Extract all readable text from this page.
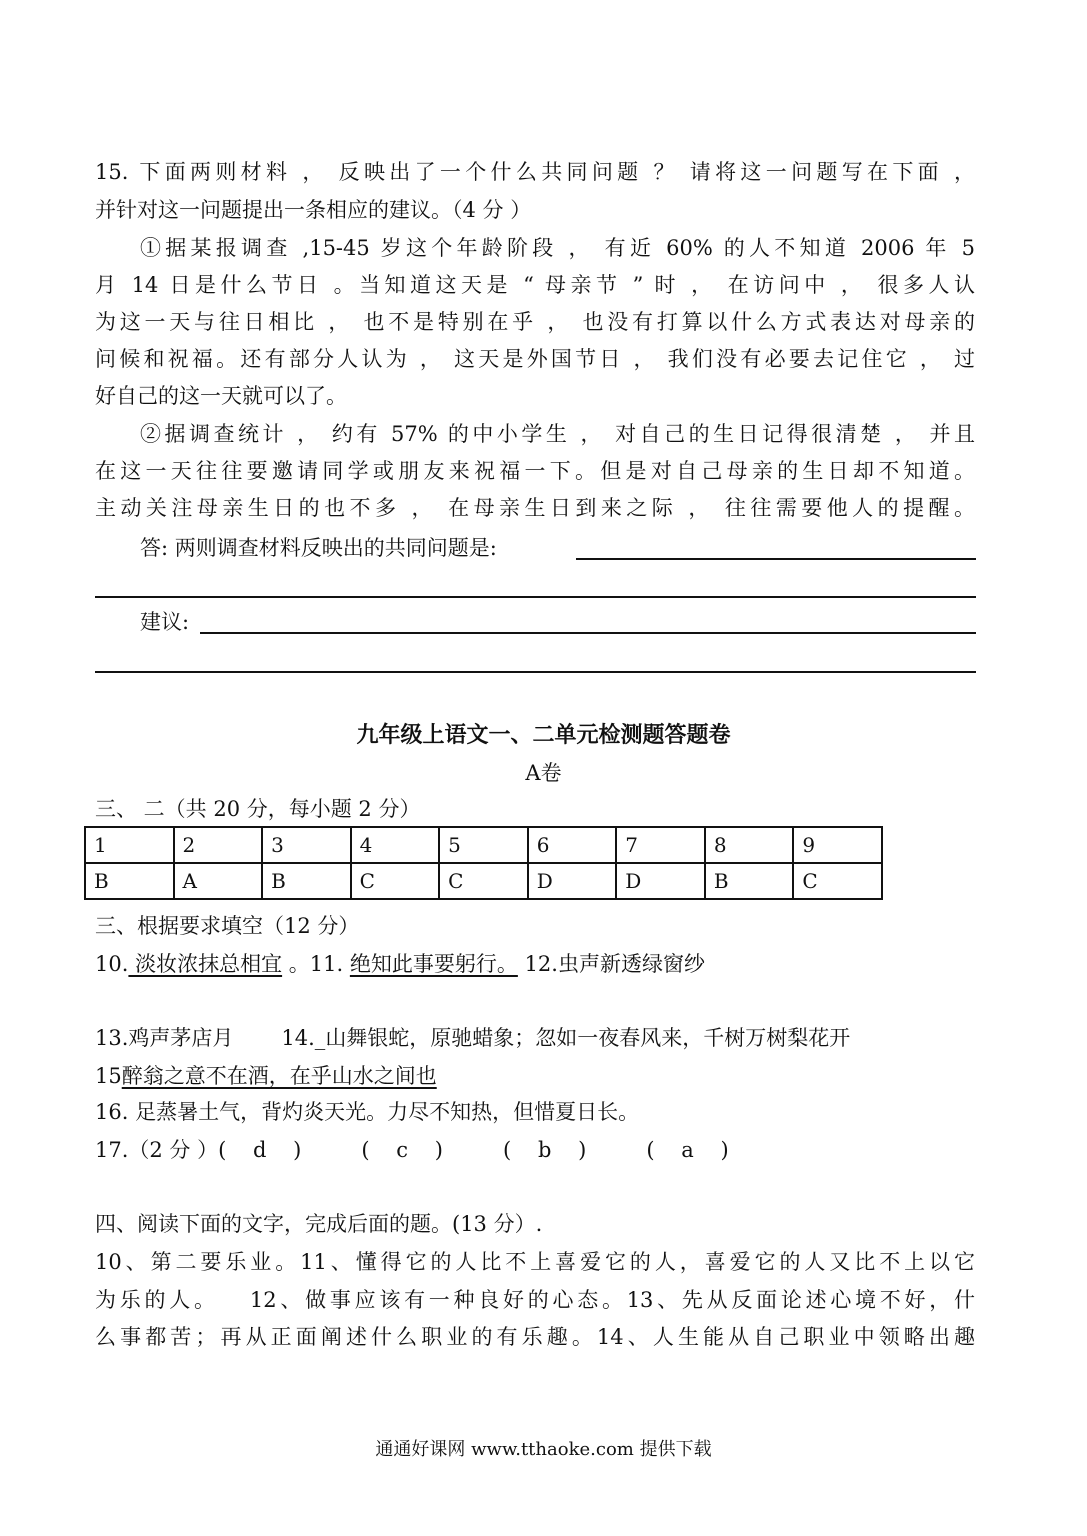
15. 下面两则材料 ， 反映出了一个什么共同问题 ？ 请将这一问题写在下面 ，
并针对这一问题提出一条相应的建议。（4 分 ）
①据某报调查 ,15-45 岁这个年龄阶段 ， 有近 60% 的人不知道 2006 年 5
月 14 日是什么节日 。当知道这天是 “ 母亲节 ” 时 ， 在访问中 ， 很多人认
为这一天与往日相比 ， 也不是特别在乎 ， 也没有打算以什么方式表达对母亲的
问候和祝福。还有部分人认为 ， 这天是外国节日 ， 我们没有必要去记住它 ， 过
好自己的这一天就可以了。
②据调查统计 ， 约有 57% 的中小学生 ， 对自己的生日记得很清楚 ， 并且
在这一天往往要邀请同学或朋友来祝福一下。但是对自己母亲的生日却不知道。
主动关注母亲生日的也不多 ， 在母亲生日到来之际 ， 往往需要他人的提醒。
答: 两则调查材料反映出的共同问题是:
建议:
九年级上语文一、二单元检测题答题卷
A卷
三、 二（共 20 分，每小题 2 分）
1	2	3	4	5	6	7	8	9
B	A	B	C	C	D	D	B	C
三、根据要求填空（12 分）
10. 淡妆浓抹总相宜 。11. 绝知此事要躬行。 12.虫声新透绿窗纱
13.鸡声茅店月 14._山舞银蛇，原驰蜡象；忽如一夜春风来，千树万树梨花开
15醉翁之意不在酒，在乎山水之间也
16. 足蒸暑土气，背灼炎天光。力尽不知热，但惜夏日长。
17.（2 分 ）(    d    )         (    c    )         (    b    )         (    a    )
四、阅读下面的文字，完成后面的题。(13 分）.
10、第二要乐业。11、懂得它的人比不上喜爱它的人，喜爱它的人又比不上以它
为乐的人。   12、做事应该有一种良好的心态。13、先从反面论述心境不好，什
么事都苦；再从正面阐述什么职业的有乐趣。14、人生能从自己职业中领略出趣
通通好课网 www.tthaoke.com 提供下载
